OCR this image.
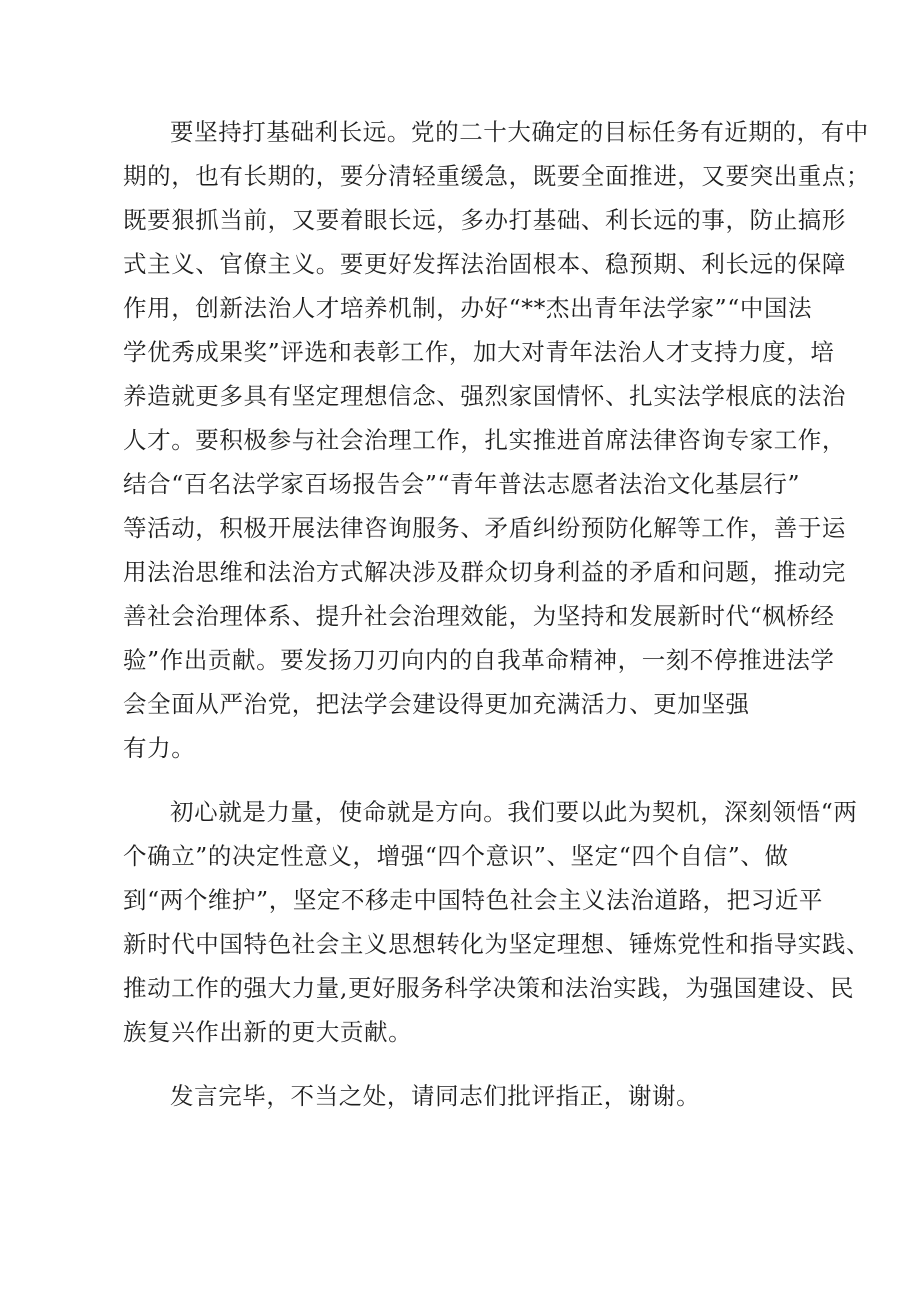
要坚持打基础利长远。党的二十大确定的目标任务有近期的，有中
期的，也有长期的，要分清轻重缓急，既要全面推进，又要突出重点；
既要狠抓当前，又要着眼长远，多办打基础、利长远的事，防止搞形
式主义、官僚主义。要更好发挥法治固根本、稳预期、利长远的保障
作用，创新法治人才培养机制，办好“**杰出青年法学家”“中国法
学优秀成果奖”评选和表彰工作，加大对青年法治人才支持力度，培
养造就更多具有坚定理想信念、强烈家国情怀、扎实法学根底的法治
人才。要积极参与社会治理工作，扎实推进首席法律咨询专家工作，
结合“百名法学家百场报告会”“青年普法志愿者法治文化基层行”
等活动，积极开展法律咨询服务、矛盾纠纷预防化解等工作，善于运
用法治思维和法治方式解决涉及群众切身利益的矛盾和问题，推动完
善社会治理体系、提升社会治理效能，为坚持和发展新时代“枫桥经
验”作出贡献。要发扬刀刃向内的自我革命精神，一刻不停推进法学
会全面从严治党，把法学会建设得更加充满活力、更加坚强
有力。
初心就是力量，使命就是方向。我们要以此为契机，深刻领悟“两
个确立”的决定性意义，增强“四个意识”、坚定“四个自信”、做
到“两个维护”，坚定不移走中国特色社会主义法治道路，把习近平
新时代中国特色社会主义思想转化为坚定理想、锤炼党性和指导实践、
推动工作的强大力量,更好服务科学决策和法治实践，为强国建设、民
族复兴作出新的更大贡献。
发言完毕，不当之处，请同志们批评指正，谢谢。
